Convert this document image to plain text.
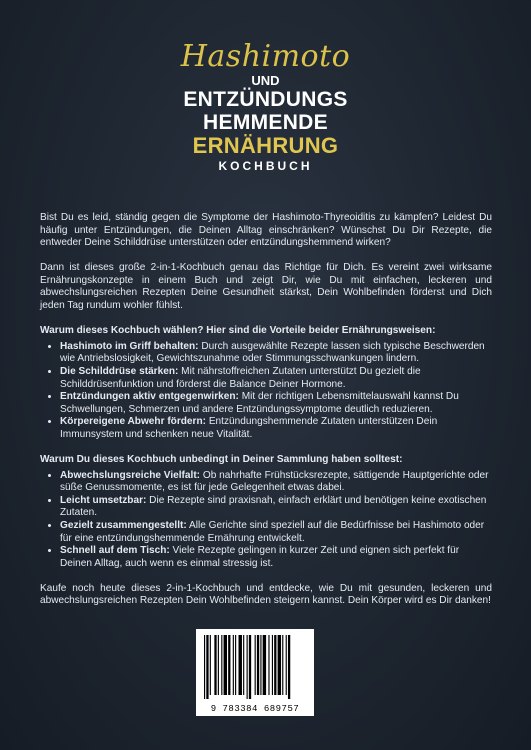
Hashimoto
UND
ENTZÜNDUNGS
HEMMENDE
ERNÄHRUNG
KOCHBUCH

Bist Du es leid, ständig gegen die Symptome der Hashimoto-Thyreoiditis zu kämpfen? Leidest Du häufig unter Entzündungen, die Deinen Alltag einschränken? Wünschst Du Dir Rezepte, die entweder Deine Schilddrüse unterstützen oder entzündungshemmend wirken?

Dann ist dieses große 2-in-1-Kochbuch genau das Richtige für Dich. Es vereint zwei wirksame Ernährungskonzepte in einem Buch und zeigt Dir, wie Du mit einfachen, leckeren und abwechslungsreichen Rezepten Deine Gesundheit stärkst, Dein Wohlbefinden förderst und Dich jeden Tag rundum wohler fühlst.

Warum dieses Kochbuch wählen? Hier sind die Vorteile beider Ernährungsweisen:

• Hashimoto im Griff behalten: Durch ausgewählte Rezepte lassen sich typische Beschwerden wie Antriebslosigkeit, Gewichtszunahme oder Stimmungsschwankungen lindern.
• Die Schilddrüse stärken: Mit nährstoffreichen Zutaten unterstützt Du gezielt die Schilddrüsenfunktion und förderst die Balance Deiner Hormone.
• Entzündungen aktiv entgegenwirken: Mit der richtigen Lebensmittelauswahl kannst Du Schwellungen, Schmerzen und andere Entzündungssymptome deutlich reduzieren.
• Körpereigene Abwehr fördern: Entzündungshemmende Zutaten unterstützen Dein Immunsystem und schenken neue Vitalität.

Warum Du dieses Kochbuch unbedingt in Deiner Sammlung haben solltest:

• Abwechslungsreiche Vielfalt: Ob nahrhafte Frühstücksrezepte, sättigende Hauptgerichte oder süße Genussmomente, es ist für jede Gelegenheit etwas dabei.
• Leicht umsetzbar: Die Rezepte sind praxisnah, einfach erklärt und benötigen keine exotischen Zutaten.
• Gezielt zusammengestellt: Alle Gerichte sind speziell auf die Bedürfnisse bei Hashimoto oder für eine entzündungshemmende Ernährung entwickelt.
• Schnell auf dem Tisch: Viele Rezepte gelingen in kurzer Zeit und eignen sich perfekt für Deinen Alltag, auch wenn es einmal stressig ist.

Kaufe noch heute dieses 2-in-1-Kochbuch und entdecke, wie Du mit gesunden, leckeren und abwechslungsreichen Rezepten Dein Wohlbefinden steigern kannst. Dein Körper wird es Dir danken!

9 783384 689757
